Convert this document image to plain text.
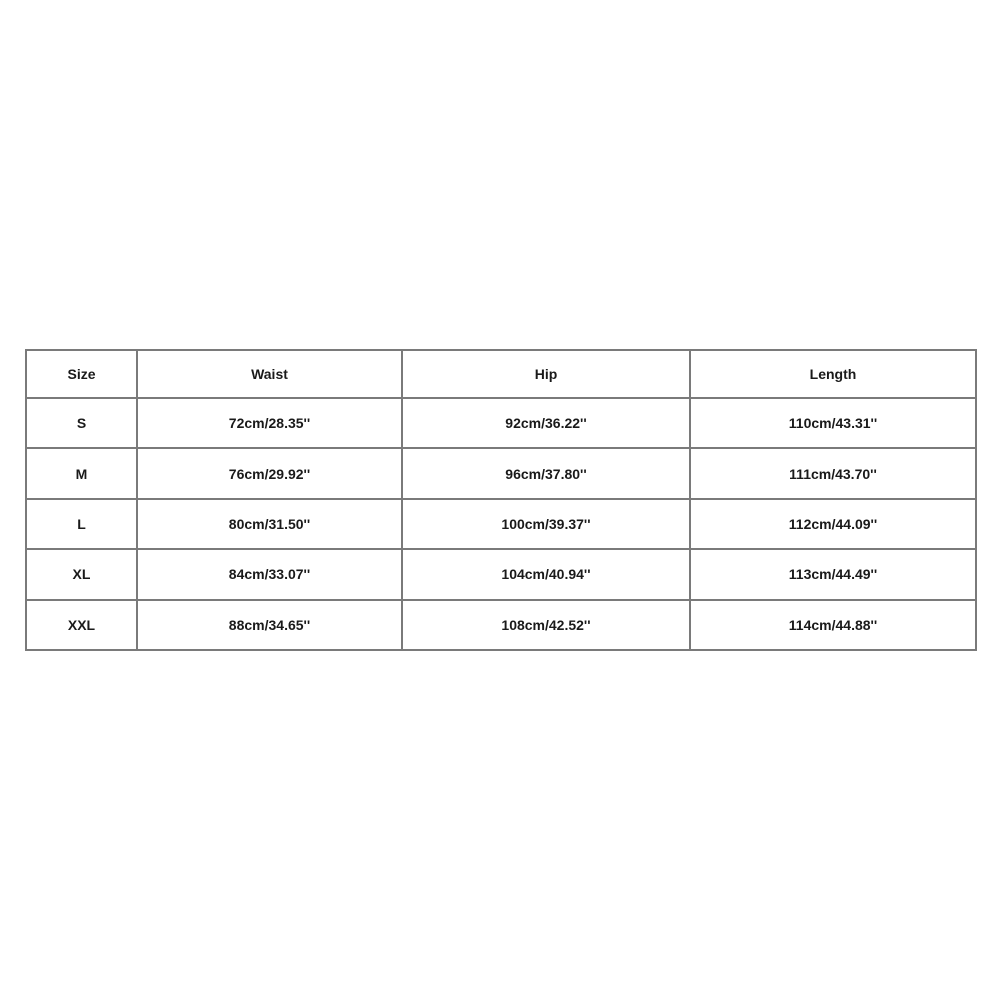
Size	Waist	Hip	Length
S	72cm/28.35''	92cm/36.22''	110cm/43.31''
M	76cm/29.92''	96cm/37.80''	111cm/43.70''
L	80cm/31.50''	100cm/39.37''	112cm/44.09''
XL	84cm/33.07''	104cm/40.94''	113cm/44.49''
XXL	88cm/34.65''	108cm/42.52''	114cm/44.88''
